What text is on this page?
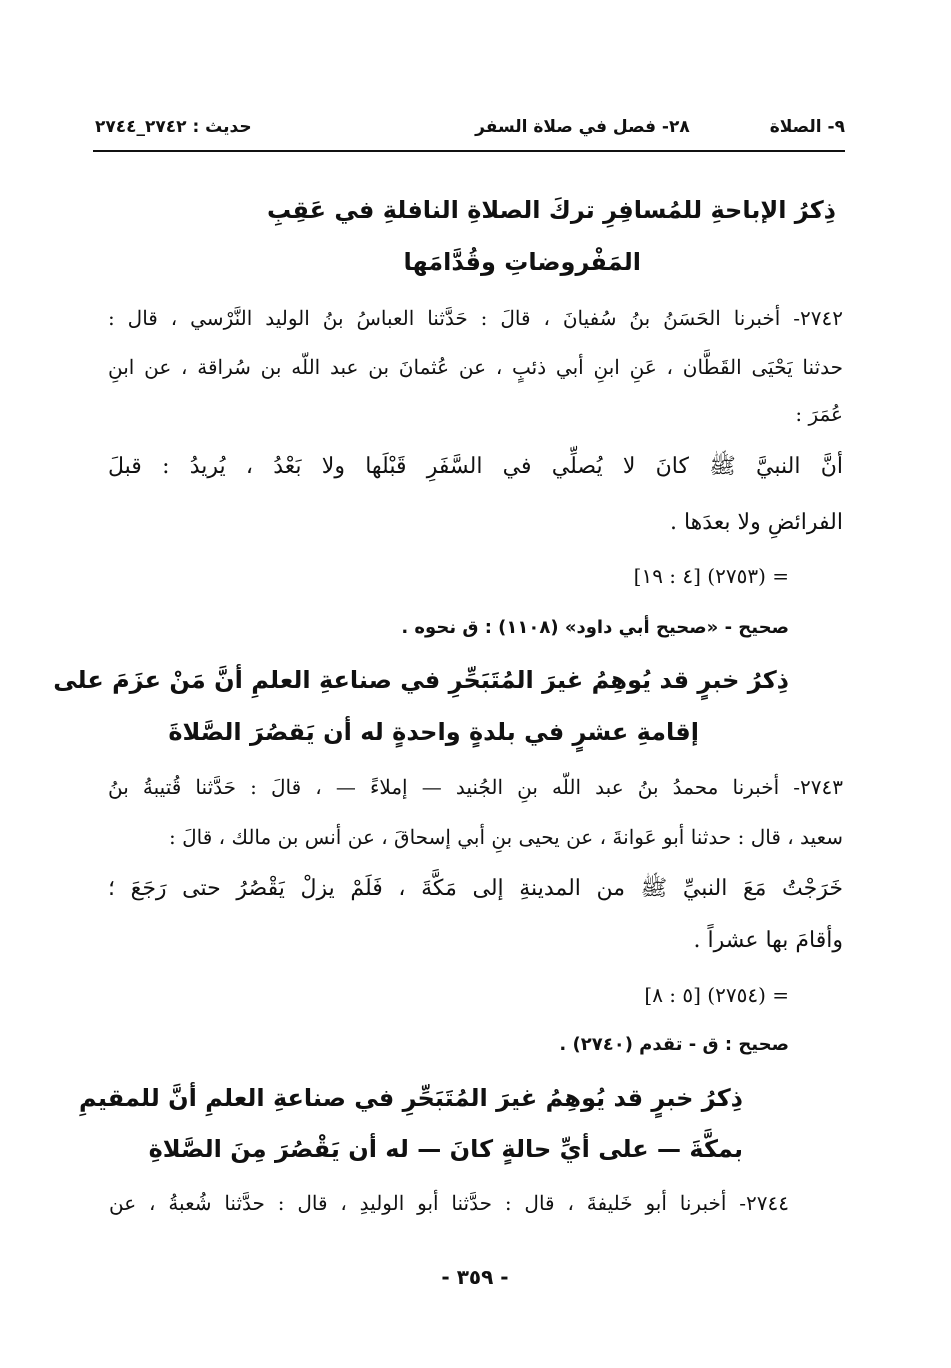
٩- الصلاة
٢٨- فصل في صلاة السفر
حديث : ٢٧٤٢_٢٧٤٤
ذِكرُ الإباحةِ للمُسافِرِ تركَ الصلاةِ النافلةِ في عَقِبِ
المَفْروضاتِ وقُدَّامَها
٢٧٤٢- أخبرنا الحَسَنُ بنُ سُفيانَ ، قالَ : حَدَّثنا العباسُ بنُ الوليد النَّرْسي ، قال :
حدثنا يَحْيَى القَطَّان ، عَنِ ابنِ أبي ذئبٍ ، عن عُثمانَ بن عبد اللّه بن سُراقة ، عن ابنِ
عُمَرَ :
أنَّ النبيَّ ﷺ كانَ لا يُصلِّي في السَّفَرِ قَبْلَها ولا بَعْدُ ، يُريدُ : قبلَ
الفرائضِ ولا بعدَها .
= (٢٧٥٣) [٤ : ١٩]
صحيح - «صحيح أبي داود» (١١٠٨) : ق نحوه .
ذِكرُ خبرٍ قد يُوهِمُ غيرَ المُتَبَحِّرِ في صناعةِ العلمِ أنَّ مَنْ عزَمَ على
إقامةِ عشرٍ في بلدةٍ واحدةٍ له أن يَقصُرَ الصَّلاةَ
٢٧٤٣- أخبرنا محمدُ بنُ عبد اللّه بنِ الجُنيد — إملاءً — ، قالَ : حَدَّثنا قُتيبةُ بنُ
سعيد ، قال : حدثنا أبو عَوانةَ ، عن يحيى بنِ أبي إسحاقَ ، عن أنس بن مالك ، قالَ :
خَرَجْتُ مَعَ النبيِّ ﷺ من المدينةِ إلى مَكَّةَ ، فَلَمْ يزلْ يَقْصُرُ حتى رَجَعَ ؛
وأقامَ بها عشراً .
= (٢٧٥٤) [٥ : ٨]
صحيح : ق - تقدم (٢٧٤٠) .
ذِكرُ خبرٍ قد يُوهِمُ غيرَ المُتَبَحِّرِ في صناعةِ العلمِ أنَّ للمقيمِ
بمكَّةَ — على أيِّ حالةٍ كانَ — له أن يَقْصُرَ مِنَ الصَّلاةِ
٢٧٤٤- أخبرنا أبو خَليفةَ ، قال : حدَّثنا أبو الوليدِ ، قال : حدَّثنا شُعبةُ ، عن
- ٣٥٩ -
